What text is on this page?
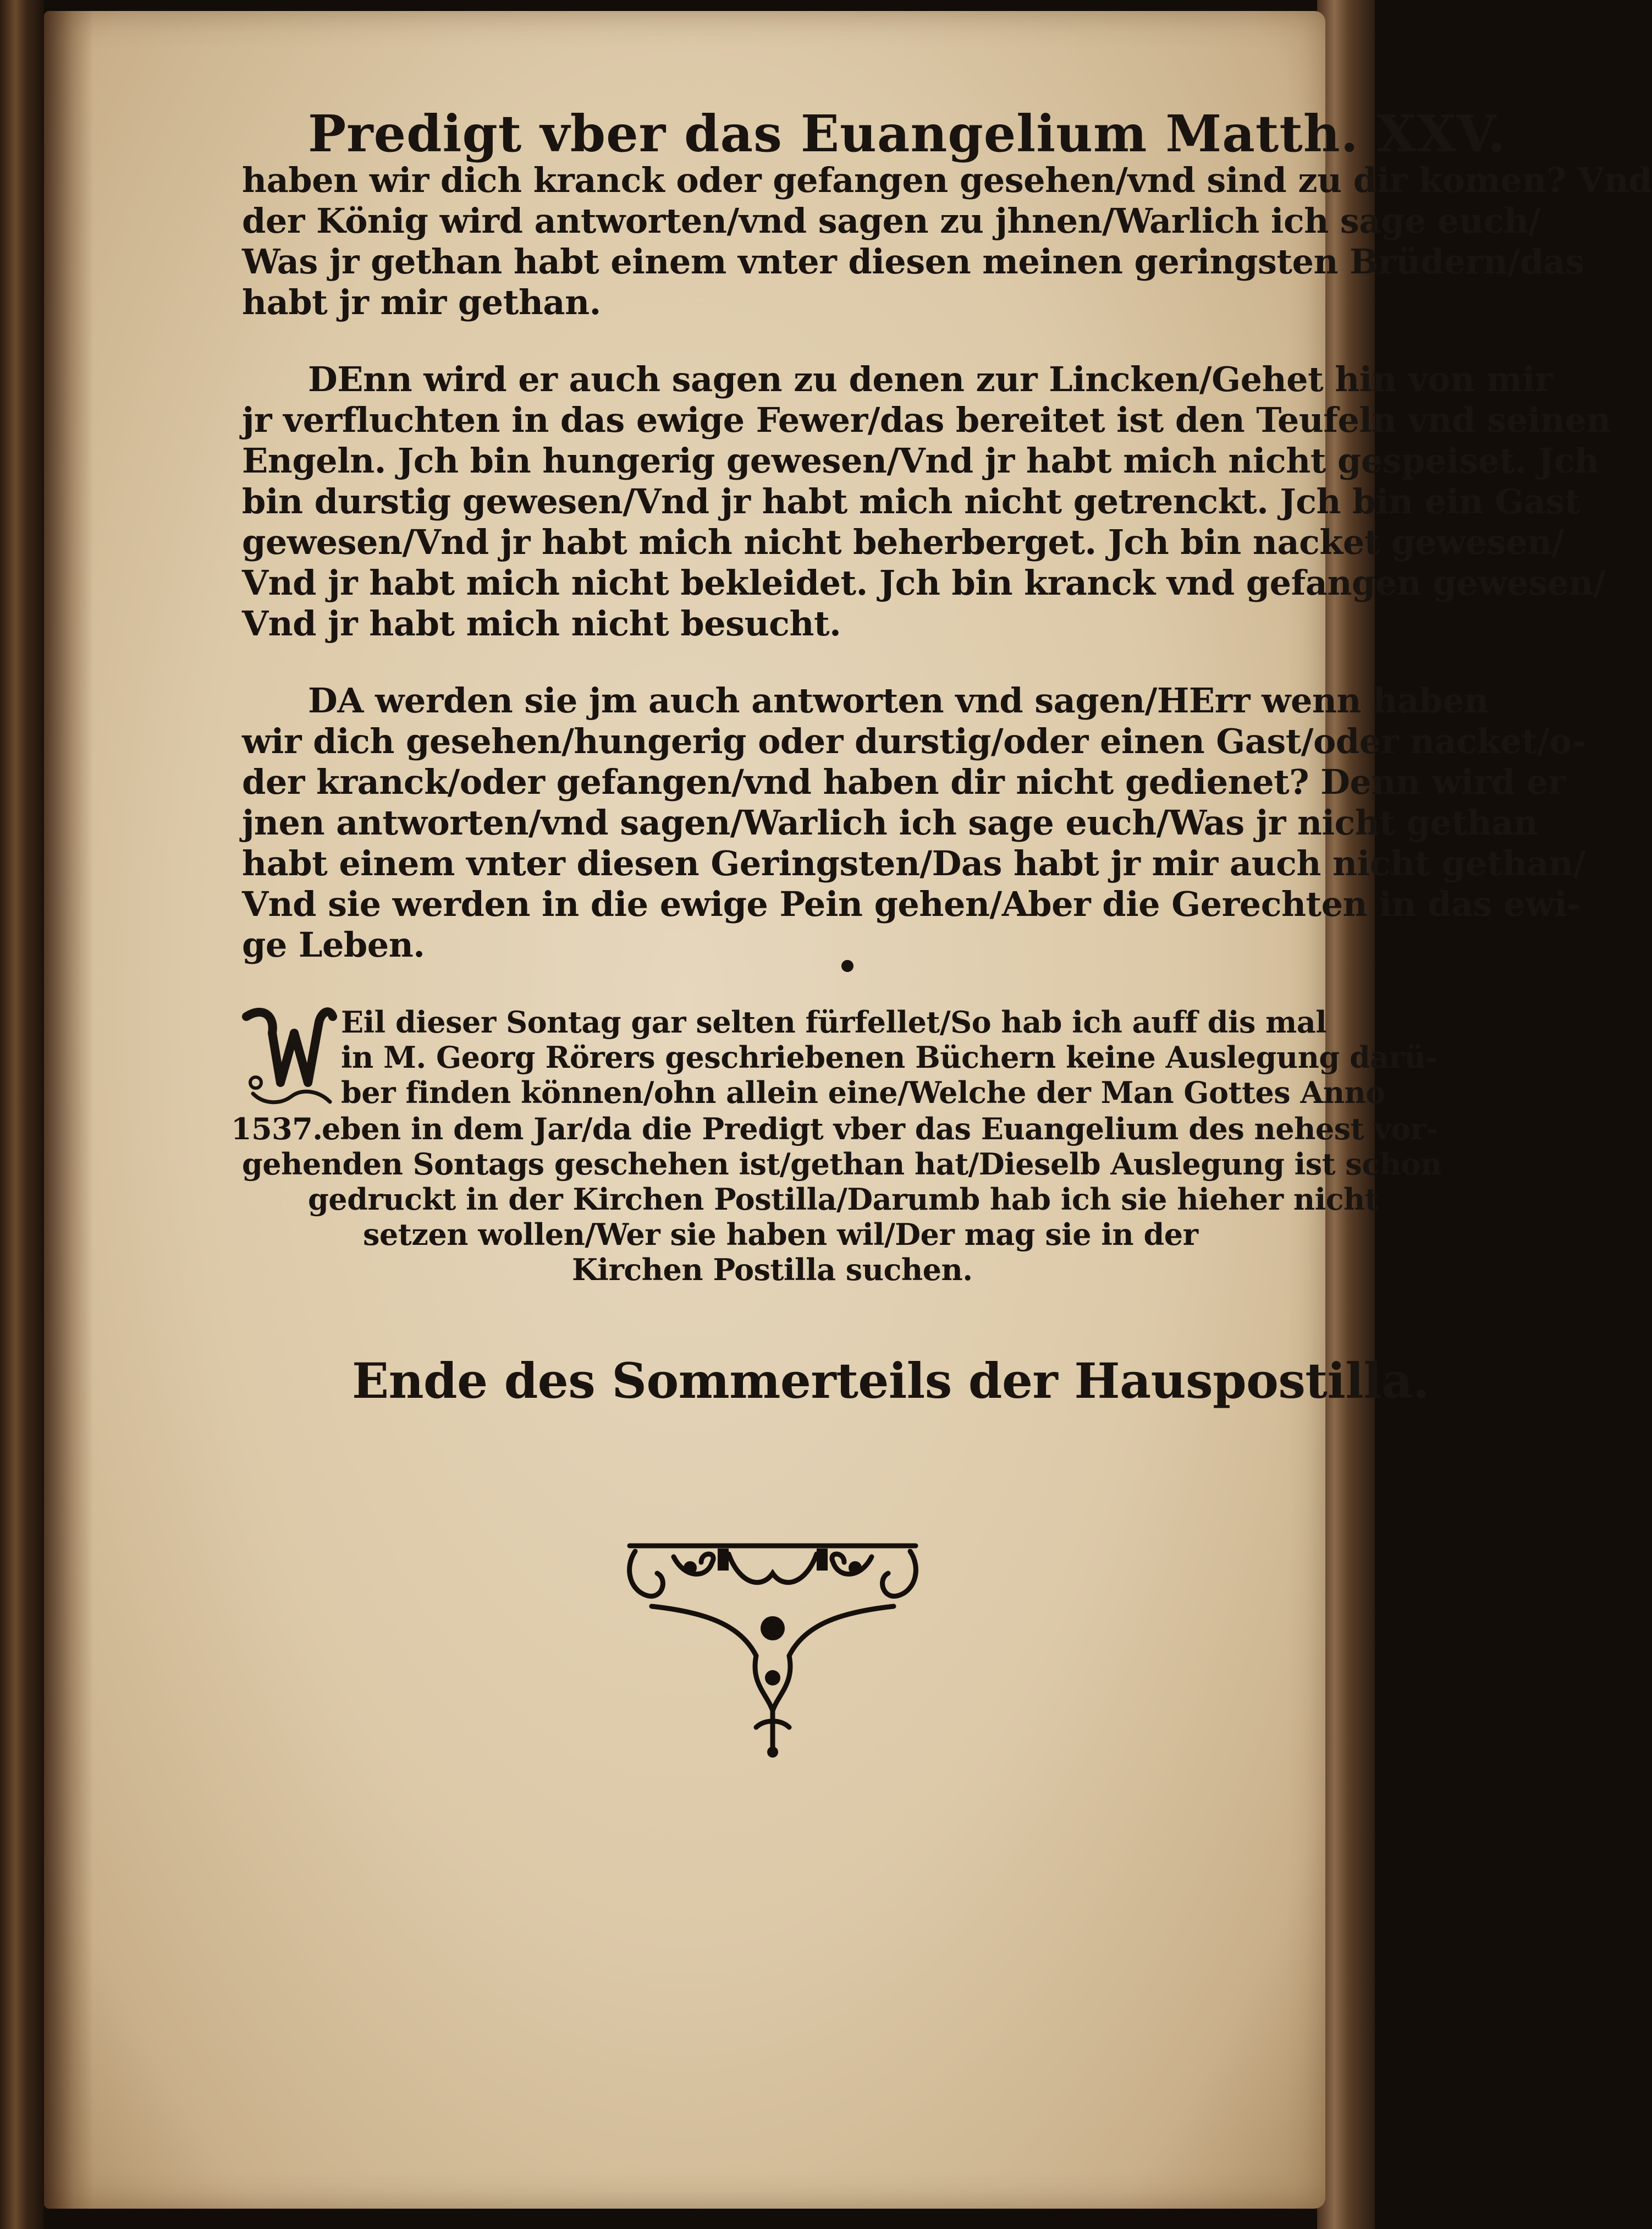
Predigt vber das Euangelium Matth. XXV.
haben wir dich kranck oder gefangen gesehen/vnd sind zu dir komen? Vnd
der König wird antworten/vnd sagen zu jhnen/Warlich ich sage euch/
Was jr gethan habt einem vnter diesen meinen geringsten Brüdern/das
habt jr mir gethan.
DEnn wird er auch sagen zu denen zur Lincken/Gehet hin von mir
jr verfluchten in das ewige Fewer/das bereitet ist den Teufeln vnd seinen
Engeln. Jch bin hungerig gewesen/Vnd jr habt mich nicht gespeiset. Jch
bin durstig gewesen/Vnd jr habt mich nicht getrenckt. Jch bin ein Gast
gewesen/Vnd jr habt mich nicht beherberget. Jch bin nacket gewesen/
Vnd jr habt mich nicht bekleidet. Jch bin kranck vnd gefangen gewesen/
Vnd jr habt mich nicht besucht.
DA werden sie jm auch antworten vnd sagen/HErr wenn haben
wir dich gesehen/hungerig oder durstig/oder einen Gast/oder nacket/o-
der kranck/oder gefangen/vnd haben dir nicht gedienet? Denn wird er
jnen antworten/vnd sagen/Warlich ich sage euch/Was jr nicht gethan
habt einem vnter diesen Geringsten/Das habt jr mir auch nicht gethan/
Vnd sie werden in die ewige Pein gehen/Aber die Gerechten in das ewi-
ge Leben.
W
Eil dieser Sontag gar selten fürfellet/So hab ich auff dis mal
in M. Georg Rörers geschriebenen Büchern keine Auslegung darü-
ber finden können/ohn allein eine/Welche der Man Gottes Anno
1537.
eben in dem Jar/da die Predigt vber das Euangelium des nehest vor-
gehenden Sontags geschehen ist/gethan hat/Dieselb Auslegung ist schon
gedruckt in der Kirchen Postilla/Darumb hab ich sie hieher nicht
setzen wollen/Wer sie haben wil/Der mag sie in der
Kirchen Postilla suchen.
Ende des Sommerteils der Hauspostilla.
